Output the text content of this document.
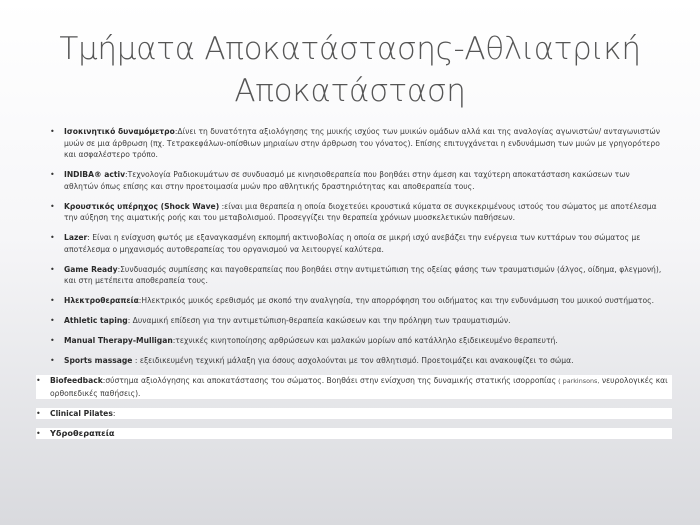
Τμήματα Αποκατάστασης-Αθλιατρική
Αποκατάσταση
• Ισοκινητικό δυναμόμετρο:Δίνει τη δυνατότητα αξιολόγησης της μυικής ισχύος των μυικών ομάδων αλλά και της αναλογίας αγωνιστών/ ανταγωνιστών μυών σε μια άρθρωση (πχ. Τετρακεφάλων-οπίσθιων μηριαίων στην άρθρωση του γόνατος). Επίσης επιτυγχάνεται η ενδυνάμωση των μυών με γρηγορότερο και ασφαλέστερο τρόπο.
• INDIBA® activ:Τεχνολογία Ραδιοκυμάτων σε συνδυασμό με κινησιοθεραπεία που βοηθάει στην άμεση και ταχύτερη αποκατάσταση κακώσεων των αθλητών όπως επίσης και στην προετοιμασία μυών προ αθλητικής δραστηριότητας και αποθεραπεία τους.
• Κρουστικός υπέρηχος (Shock Wave) :είναι μια θεραπεία η οποία διοχετεύει κρουστικά κύματα σε συγκεκριμένους ιστούς του σώματος με αποτέλεσμα την αύξηση της αιματικής ροής και του μεταβολισμού. Προσεγγίζει την θεραπεία χρόνιων μυοσκελετικών παθήσεων.
• Lazer: Είναι η ενίσχυση φωτός με εξαναγκασμένη εκπομπή ακτινοβολίας η οποία σε μικρή ισχύ ανεβάζει την ενέργεια των κυττάρων του σώματος με αποτέλεσμα ο μηχανισμός αυτοθεραπείας του οργανισμού να λειτουργεί καλύτερα.
• Game Ready:Συνδυασμός συμπίεσης και παγοθεραπείας που βοηθάει στην αντιμετώπιση της οξείας φάσης των τραυματισμών (άλγος, οίδημα, φλεγμονή), και στη μετέπειτα αποθεραπεία τους.
• Ηλεκτροθεραπεία:Ηλεκτρικός μυικός ερεθισμός με σκοπό την αναλγησία, την απορρόφηση του οιδήματος και την ενδυνάμωση του μυικού συστήματος.
• Athletic taping: Δυναμική επίδεση για την αντιμετώπιση-θεραπεία κακώσεων και την πρόληψη των τραυματισμών.
• Manual Therapy-Mulligan:τεχνικές κινητοποίησης αρθρώσεων και μαλακών μορίων από κατάλληλο εξιδεικευμένο θεραπευτή.
• Sports massage : εξειδικευμένη τεχνική μάλαξη για όσους ασχολούνται με τον αθλητισμό. Προετοιμάζει και ανακουφίζει το σώμα.
• Biofeedback:σύστημα αξιολόγησης και αποκατάστασης του σώματος. Βοηθάει στην ενίσχυση της δυναμικής στατικής ισορροπίας ( parkinsons, νευρολογικές και ορθοπεδικές παθήσεις).
• Clinical Pilates:
• Υδροθεραπεία
